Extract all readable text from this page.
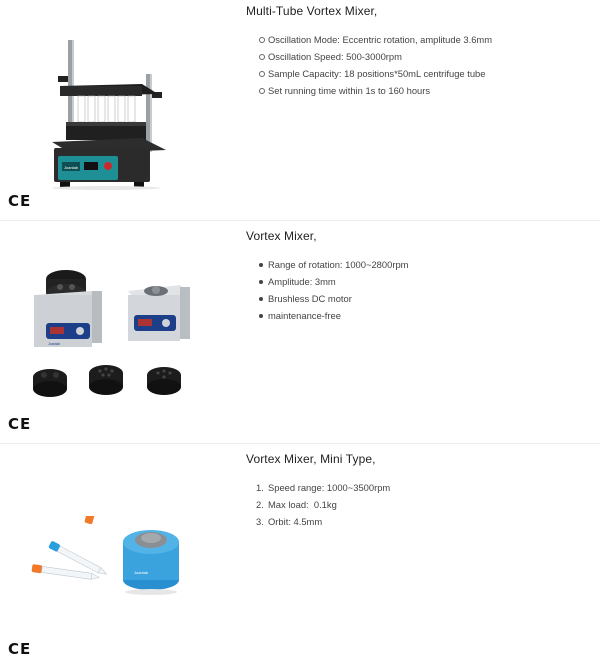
Joanlab
Multi-Tube Vortex Mixer,
Oscillation Mode: Eccentric rotation, amplitude 3.6mm
Oscillation Speed: 500-3000rpm
Sample Capacity: 18 positions*50mL centrifuge tube
Set running time within 1s to 160 hours
CE
Joanlab
Vortex Mixer,
Range of rotation: 1000~2800rpm
Amplitude: 3mm
Brushless DC motor
maintenance-free
CE
Joanlab
Vortex Mixer, Mini Type,
1. Speed range: 1000~3500rpm
2. Max load:  0.1kg
3. Orbit: 4.5mm
CE
